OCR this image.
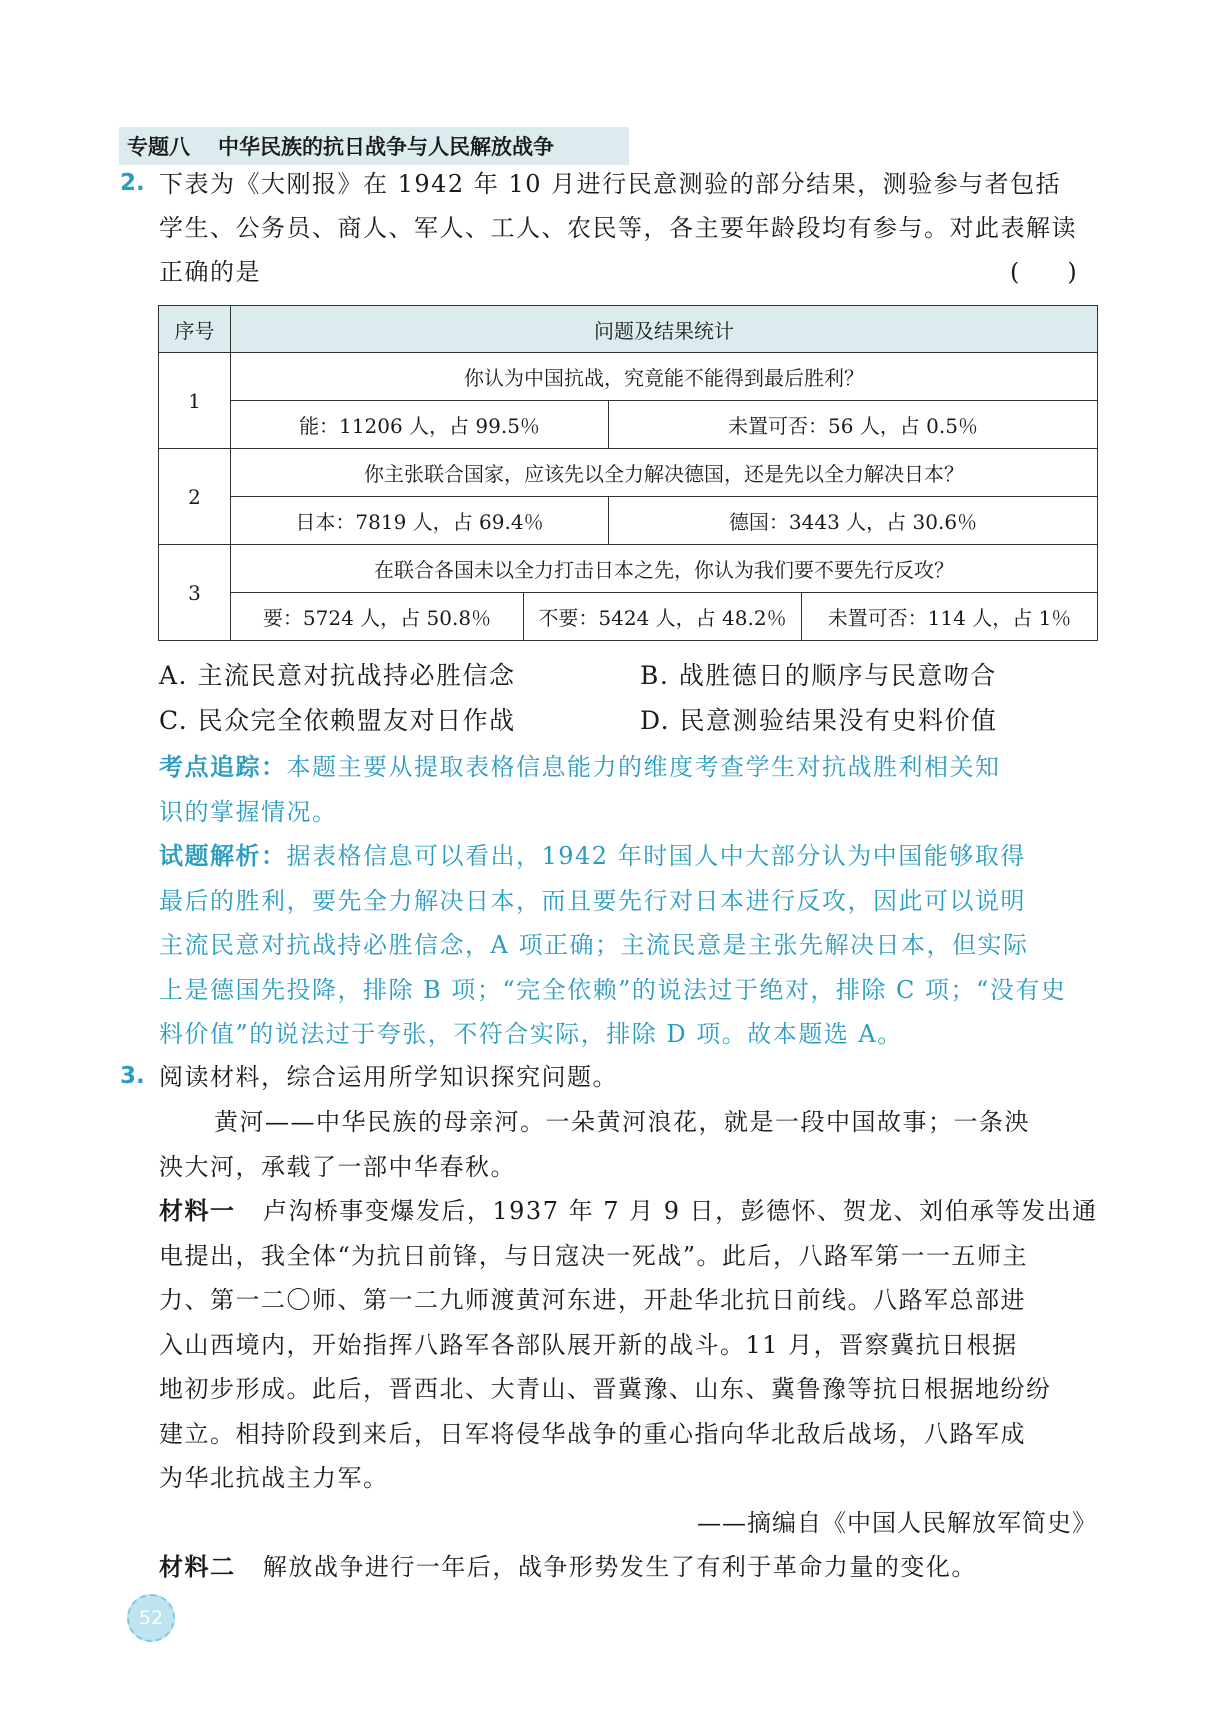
专题八 中华民族的抗日战争与人民解放战争
2. 下表为《大刚报》在 1942 年 10 月进行民意测验的部分结果，测验参与者包括
学生、公务员、商人、军人、工人、农民等，各主要年龄段均有参与。对此表解读
正确的是	(　　)
序号	问题及结果统计			
1	你认为中国抗战，究竟能不能得到最后胜利？			
	能：11206 人，占 99.5％		未置可否：56 人，占 0.5％	
2	你主张联合国家，应该先以全力解决德国，还是先以全力解决日本？			
	日本：7819 人，占 69.4％		德国：3443 人，占 30.6％	
3	在联合各国未以全力打击日本之先，你认为我们要不要先行反攻？			
	要：5724 人，占 50.8％	不要：5424 人，占 48.2％		未置可否：114 人，占 1％
A. 主流民意对抗战持必胜信念	B. 战胜德日的顺序与民意吻合
C. 民众完全依赖盟友对日作战	D. 民意测验结果没有史料价值
考点追踪：本题主要从提取表格信息能力的维度考查学生对抗战胜利相关知
识的掌握情况。
试题解析：据表格信息可以看出，1942 年时国人中大部分认为中国能够取得
最后的胜利，要先全力解决日本，而且要先行对日本进行反攻，因此可以说明
主流民意对抗战持必胜信念，A 项正确；主流民意是主张先解决日本，但实际
上是德国先投降，排除 B 项；“完全依赖”的说法过于绝对，排除 C 项；“没有史
料价值”的说法过于夸张，不符合实际，排除 D 项。故本题选 A。
3. 阅读材料，综合运用所学知识探究问题。
黄河——中华民族的母亲河。一朵黄河浪花，就是一段中国故事；一条泱
泱大河，承载了一部中华春秋。
材料一 卢沟桥事变爆发后，1937 年 7 月 9 日，彭德怀、贺龙、刘伯承等发出通
电提出，我全体“为抗日前锋，与日寇决一死战”。此后，八路军第一一五师主
力、第一二〇师、第一二九师渡黄河东进，开赴华北抗日前线。八路军总部进
入山西境内，开始指挥八路军各部队展开新的战斗。11 月，晋察冀抗日根据
地初步形成。此后，晋西北、大青山、晋冀豫、山东、冀鲁豫等抗日根据地纷纷
建立。相持阶段到来后，日军将侵华战争的重心指向华北敌后战场，八路军成
为华北抗战主力军。
——摘编自《中国人民解放军简史》
材料二 解放战争进行一年后，战争形势发生了有利于革命力量的变化。
52
